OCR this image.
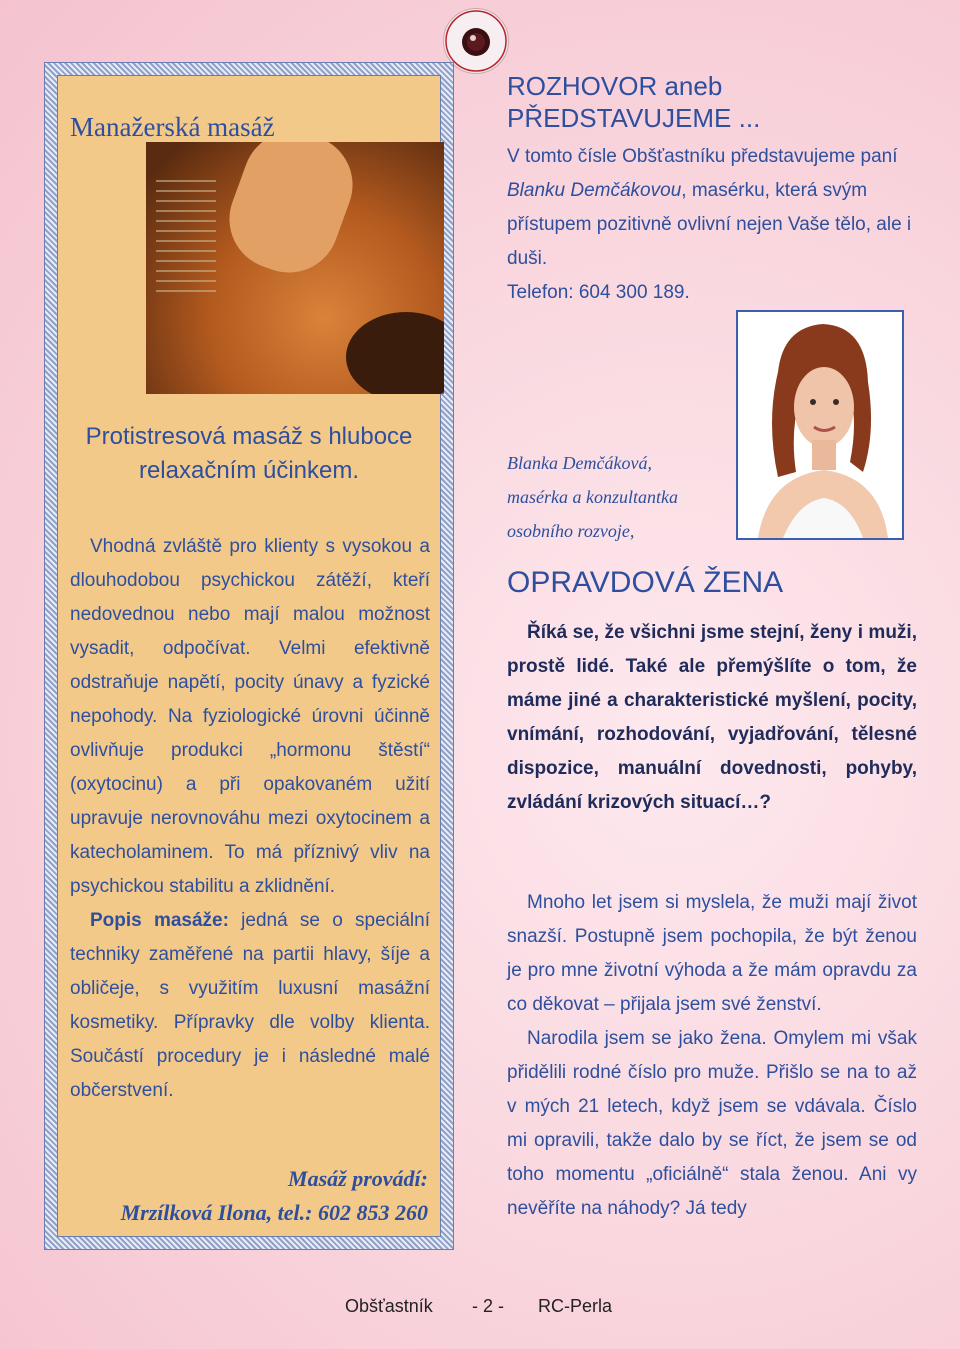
Manažerská masáž
Protistresová masáž s hluboce
relaxačním účinkem.

Vhodná zvláště pro klienty s vysokou a dlouhodobou psychickou zátěží, kteří nedovednou nebo mají malou možnost vysadit, odpočívat. Velmi efektivně odstraňuje napětí, pocity únavy a fyzické nepohody. Na fyziologické úrovni účinně ovlivňuje produkci „hormonu štěstí“ (oxytocinu) a při opakovaném užití upravuje nerovnováhu mezi oxytocinem a katecholaminem. To má příznivý vliv na psychickou stabilitu a zklidnění.

Popis masáže: jedná se o speciální techniky zaměřené na partii hlavy, šíje a obličeje, s využitím luxusní masážní kosmetiky. Přípravky dle volby klienta. Součástí procedury je i následné malé občerstvení.

Masáž provádí:
Mrzílková Ilona, tel.: 602 853 260
ROZHOVOR aneb
PŘEDSTAVUJEME ...

V tomto čísle Obšťastníku představujeme paní Blanku Demčákovou, masérku, která svým přístupem pozitivně ovlivní nejen Vaše tělo, ale i duši.

Telefon: 604 300 189.

Blanka Demčáková,
masérka a konzultantka
osobního rozvoje,
OPRAVDOVÁ ŽENA

Říká se, že všichni jsme stejní, ženy i muži, prostě lidé. Také ale přemýšlíte o tom, že máme jiné a charakteristické myšlení, pocity, vnímání, rozhodování, vyjadřování, tělesné dispozice, manuální dovednosti, pohyby, zvládání krizových situací…?

Mnoho let jsem si myslela, že muži mají život snazší. Postupně jsem pochopila, že být ženou je pro mne životní výhoda a že mám opravdu za co děkovat – přijala jsem své ženství.

Narodila jsem se jako žena. Omylem mi však přidělili rodné číslo pro muže. Přišlo se na to až v mých 21 letech, když jsem se vdávala. Číslo mi opravili, takže dalo by se říct, že jsem se od toho momentu „oficiálně“ stala ženou. Ani vy nevěříte na náhody? Já tedy

Obšťastník - 2 - RC-Perla
